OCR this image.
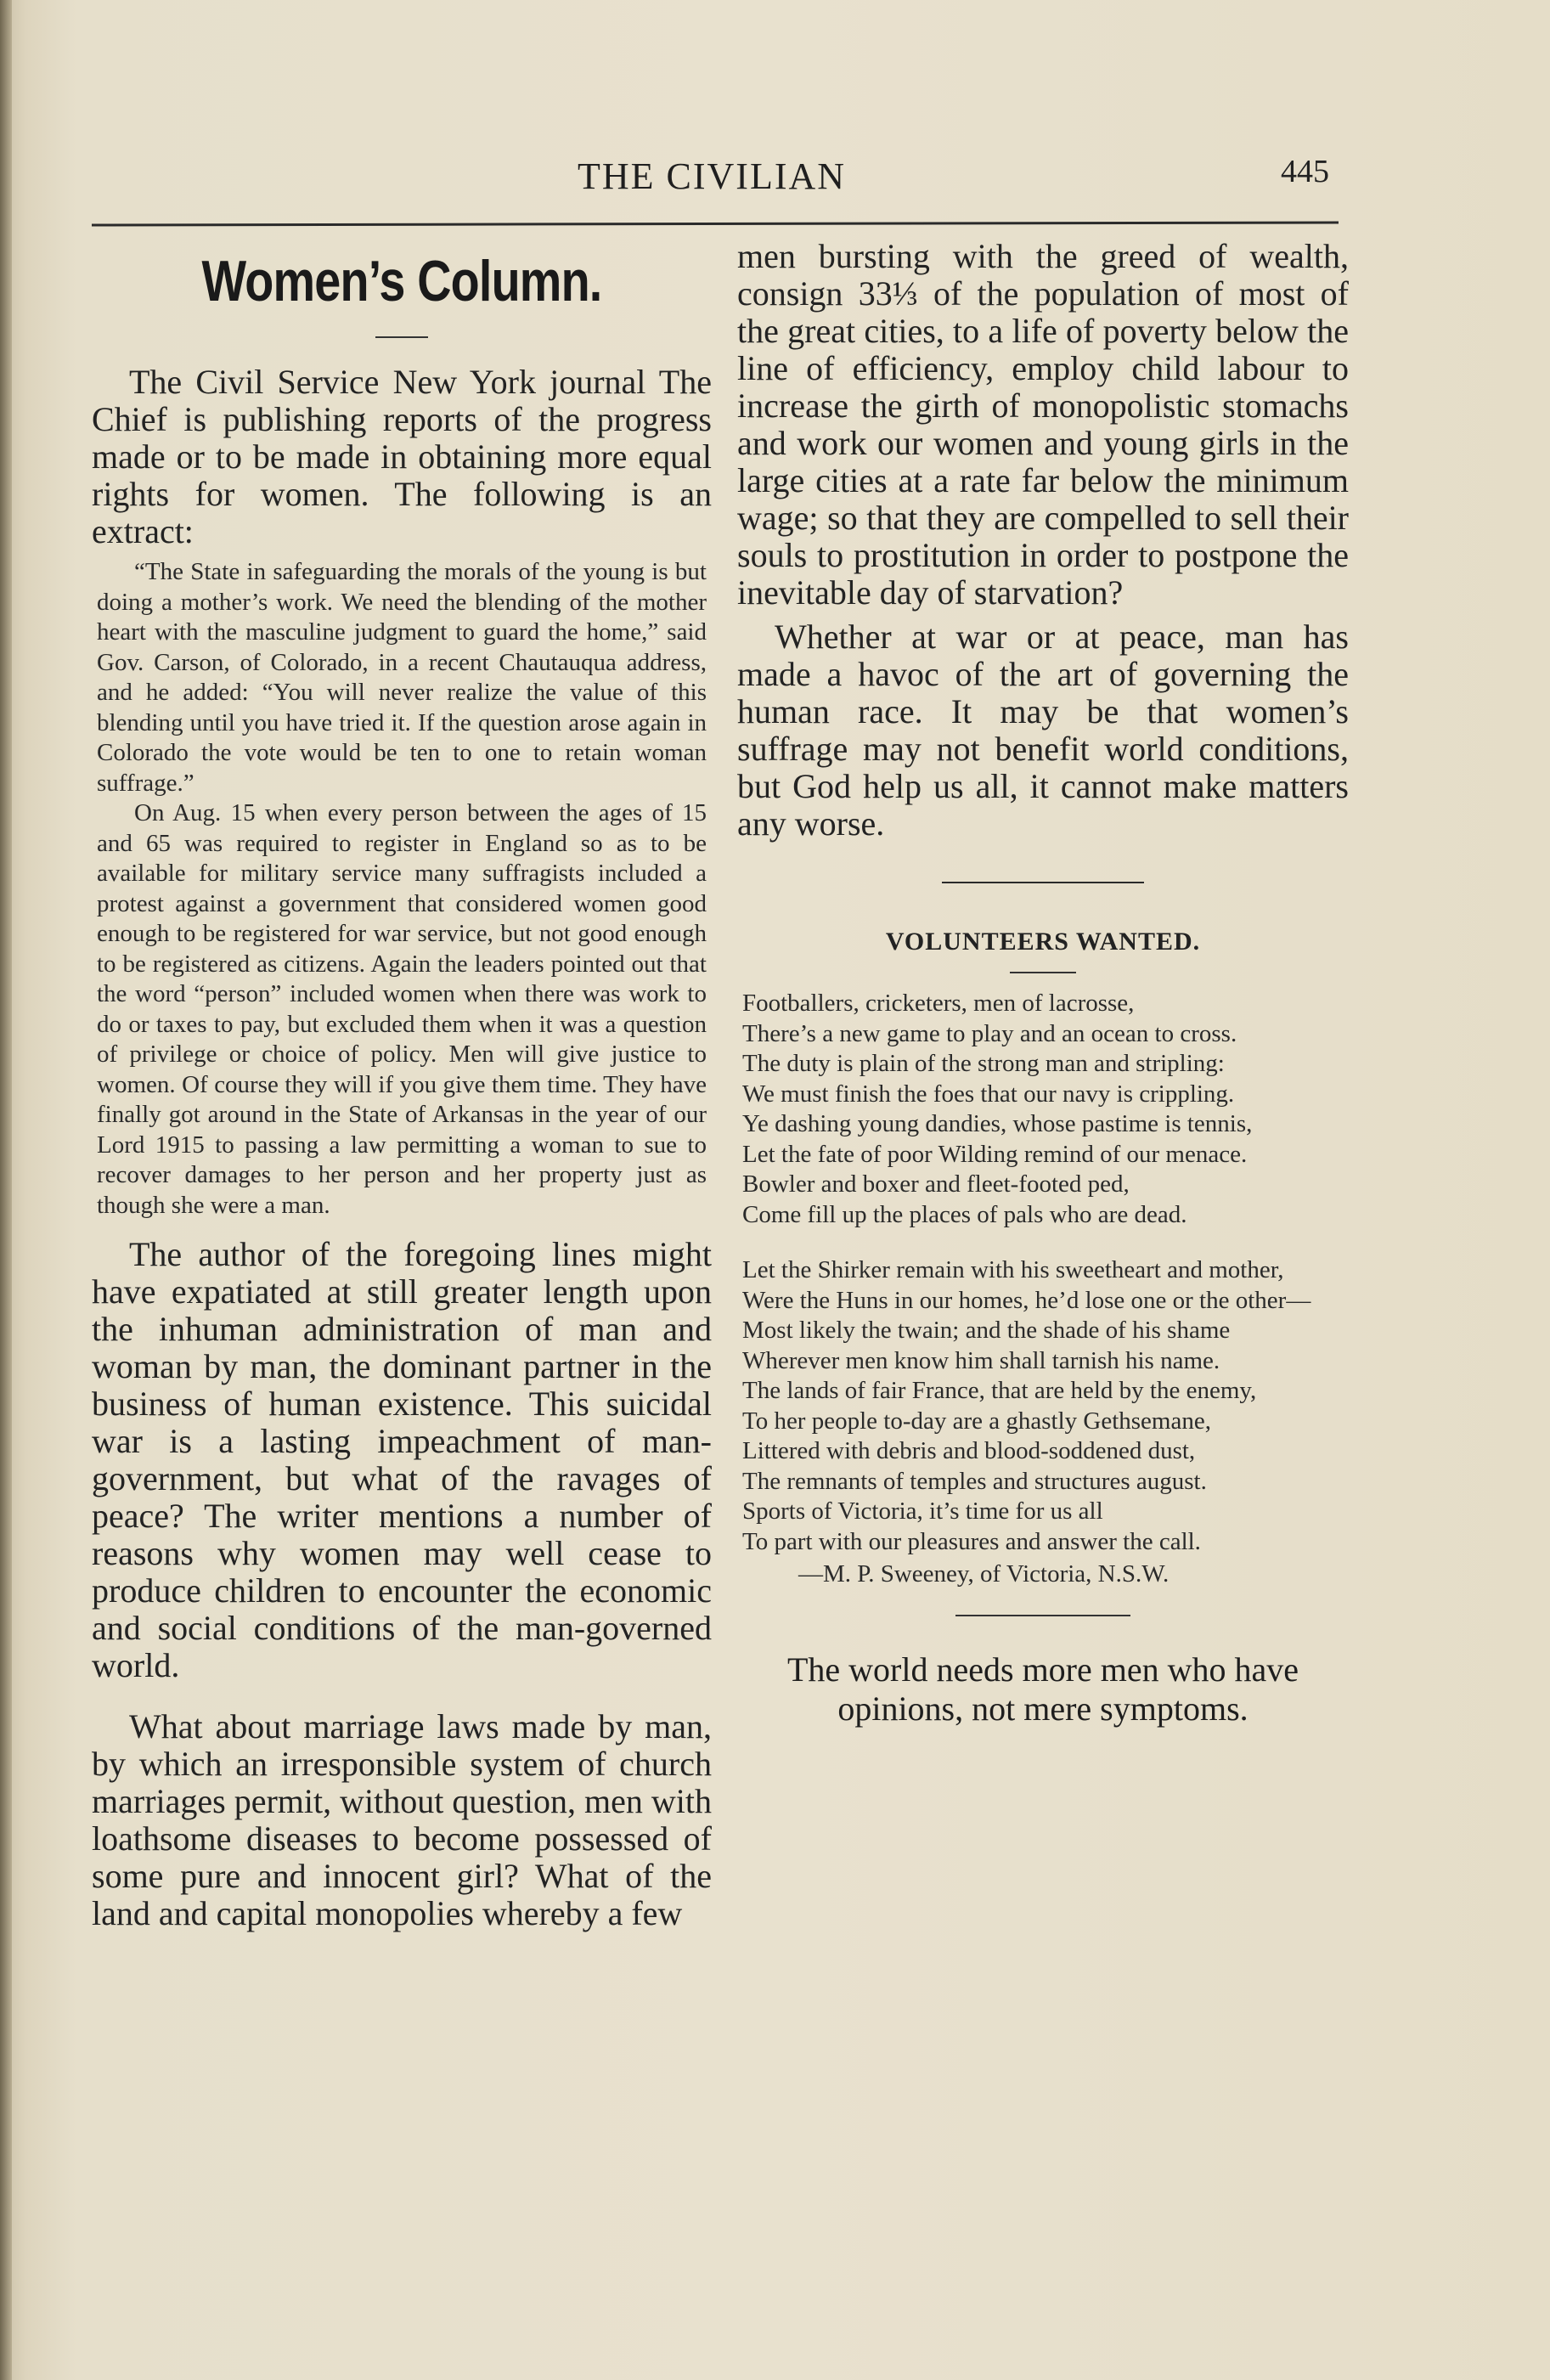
THE CIVILIAN	445
Women’s Column.

The Civil Service New York journal The Chief is publishing reports of the progress made or to be made in obtaining more equal rights for women. The following is an extract:

“The State in safeguarding the morals of the young is but doing a mother’s work. We need the blending of the mother heart with the masculine judgment to guard the home,” said Gov. Carson, of Colorado, in a recent Chautauqua address, and he added: “You will never realize the value of this blending until you have tried it. If the question arose again in Colorado the vote would be ten to one to retain woman suffrage.”

On Aug. 15 when every person between the ages of 15 and 65 was required to register in England so as to be available for military service many suffragists included a protest against a government that considered women good enough to be registered for war service, but not good enough to be registered as citizens. Again the leaders pointed out that the word “person” included women when there was work to do or taxes to pay, but excluded them when it was a question of privilege or choice of policy. Men will give justice to women. Of course they will if you give them time. They have finally got around in the State of Arkansas in the year of our Lord 1915 to passing a law permitting a woman to sue to recover damages to her person and her property just as though she were a man.

The author of the foregoing lines might have expatiated at still greater length upon the inhuman administration of man and woman by man, the dominant partner in the business of human existence. This suicidal war is a lasting impeachment of man-government, but what of the ravages of peace? The writer mentions a number of reasons why women may well cease to produce children to encounter the economic and social conditions of the man-governed world.

What about marriage laws made by man, by which an irresponsible system of church marriages permit, without question, men with loathsome diseases to become possessed of some pure and innocent girl? What of the land and capital monopolies whereby a few

men bursting with the greed of wealth, consign 33⅓ of the population of most of the great cities, to a life of poverty below the line of efficiency, employ child labour to increase the girth of monopolistic stomachs and work our women and young girls in the large cities at a rate far below the minimum wage; so that they are compelled to sell their souls to prostitution in order to postpone the inevitable day of starvation?

Whether at war or at peace, man has made a havoc of the art of governing the human race. It may be that women’s suffrage may not benefit world conditions, but God help us all, it cannot make matters any worse.

VOLUNTEERS WANTED.
Footballers, cricketers, men of lacrosse,
There’s a new game to play and an ocean to cross.
The duty is plain of the strong man and stripling:
We must finish the foes that our navy is crippling.
Ye dashing young dandies, whose pastime is tennis,
Let the fate of poor Wilding remind of our menace.
Bowler and boxer and fleet-footed ped,
Come fill up the places of pals who are dead.
Let the Shirker remain with his sweetheart and mother,
Were the Huns in our homes, he’d lose one or the other—
Most likely the twain; and the shade of his shame
Wherever men know him shall tarnish his name.
The lands of fair France, that are held by the enemy,
To her people to-day are a ghastly Gethsemane,
Littered with debris and blood-soddened dust,
The remnants of temples and structures august.
Sports of Victoria, it’s time for us all
To part with our pleasures and answer the call.
—M. P. Sweeney, of Victoria, N.S.W.
The world needs more men who have opinions, not mere symptoms.
